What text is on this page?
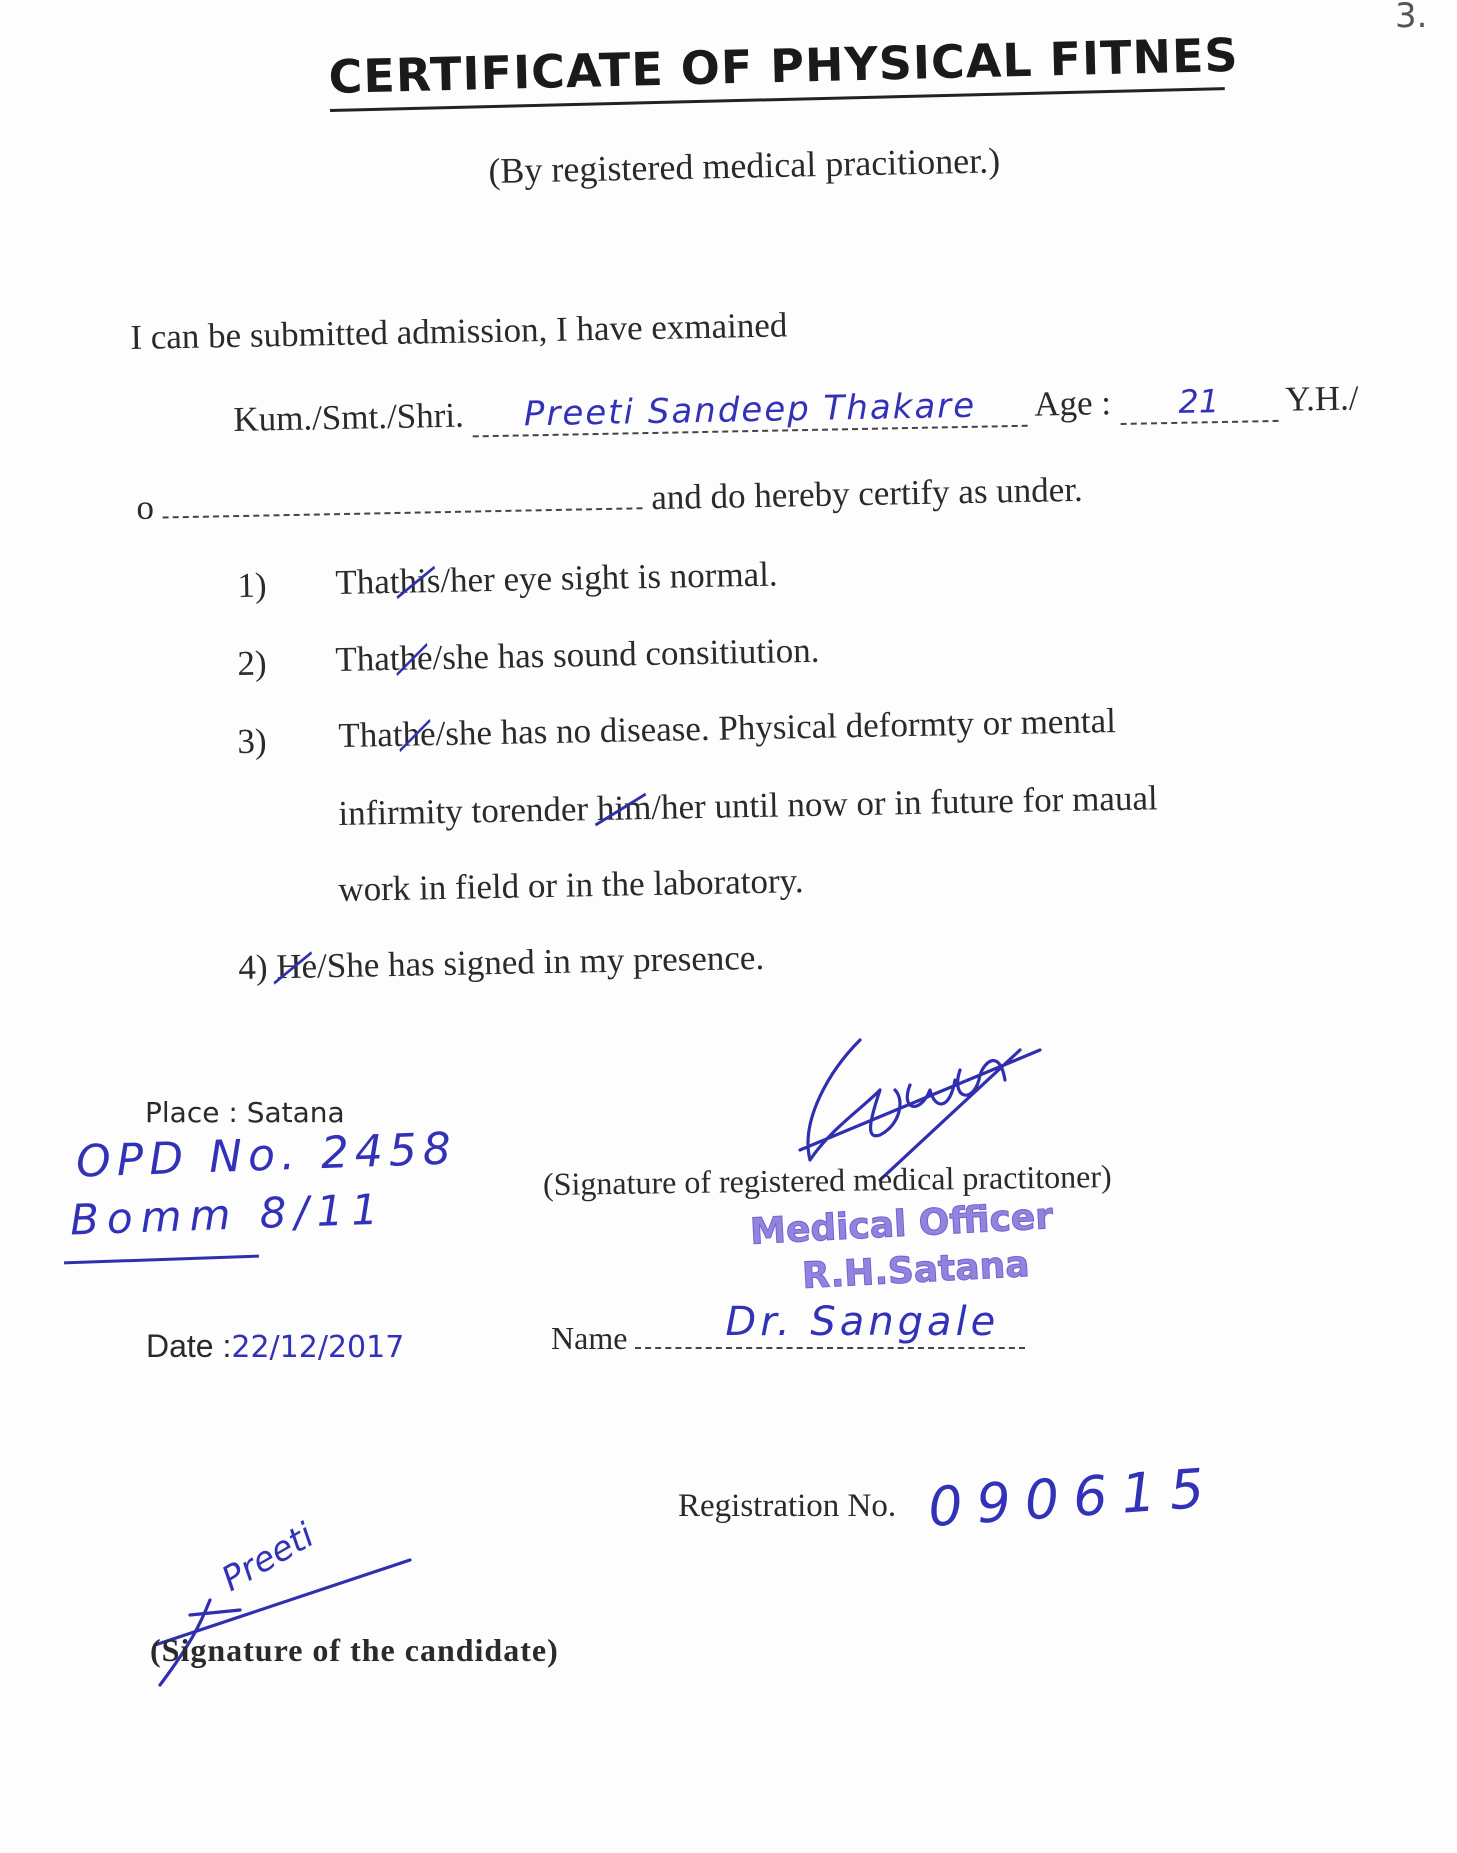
3.
CERTIFICATE OF PHYSICAL FITNES
(By registered medical pracitioner.)
I can be submitted admission, I have exmained
Kum./Smt./Shri. Preeti Sandeep Thakare Age : 21 Y.H./
o	and do hereby certify as under.
1) Thathis
/her eye sight is normal.
2) Thathe
/she has sound consitiution.
3) Thathe
/she has no disease. Physical deformty or mental
infirmity torender him
/her until now or in future for maual
work in field or in the laboratory.
4) He
/She has signed in my presence.
Place : Satana
OPD No. 2458
Bomm 8/11
(Signature of registered medical practitoner)
Medical Officer
R.H.Satana
Date :22/12/2017	Name Dr. Sangale
Registration No. 090615
Preeti
(Signature of the candidate)
